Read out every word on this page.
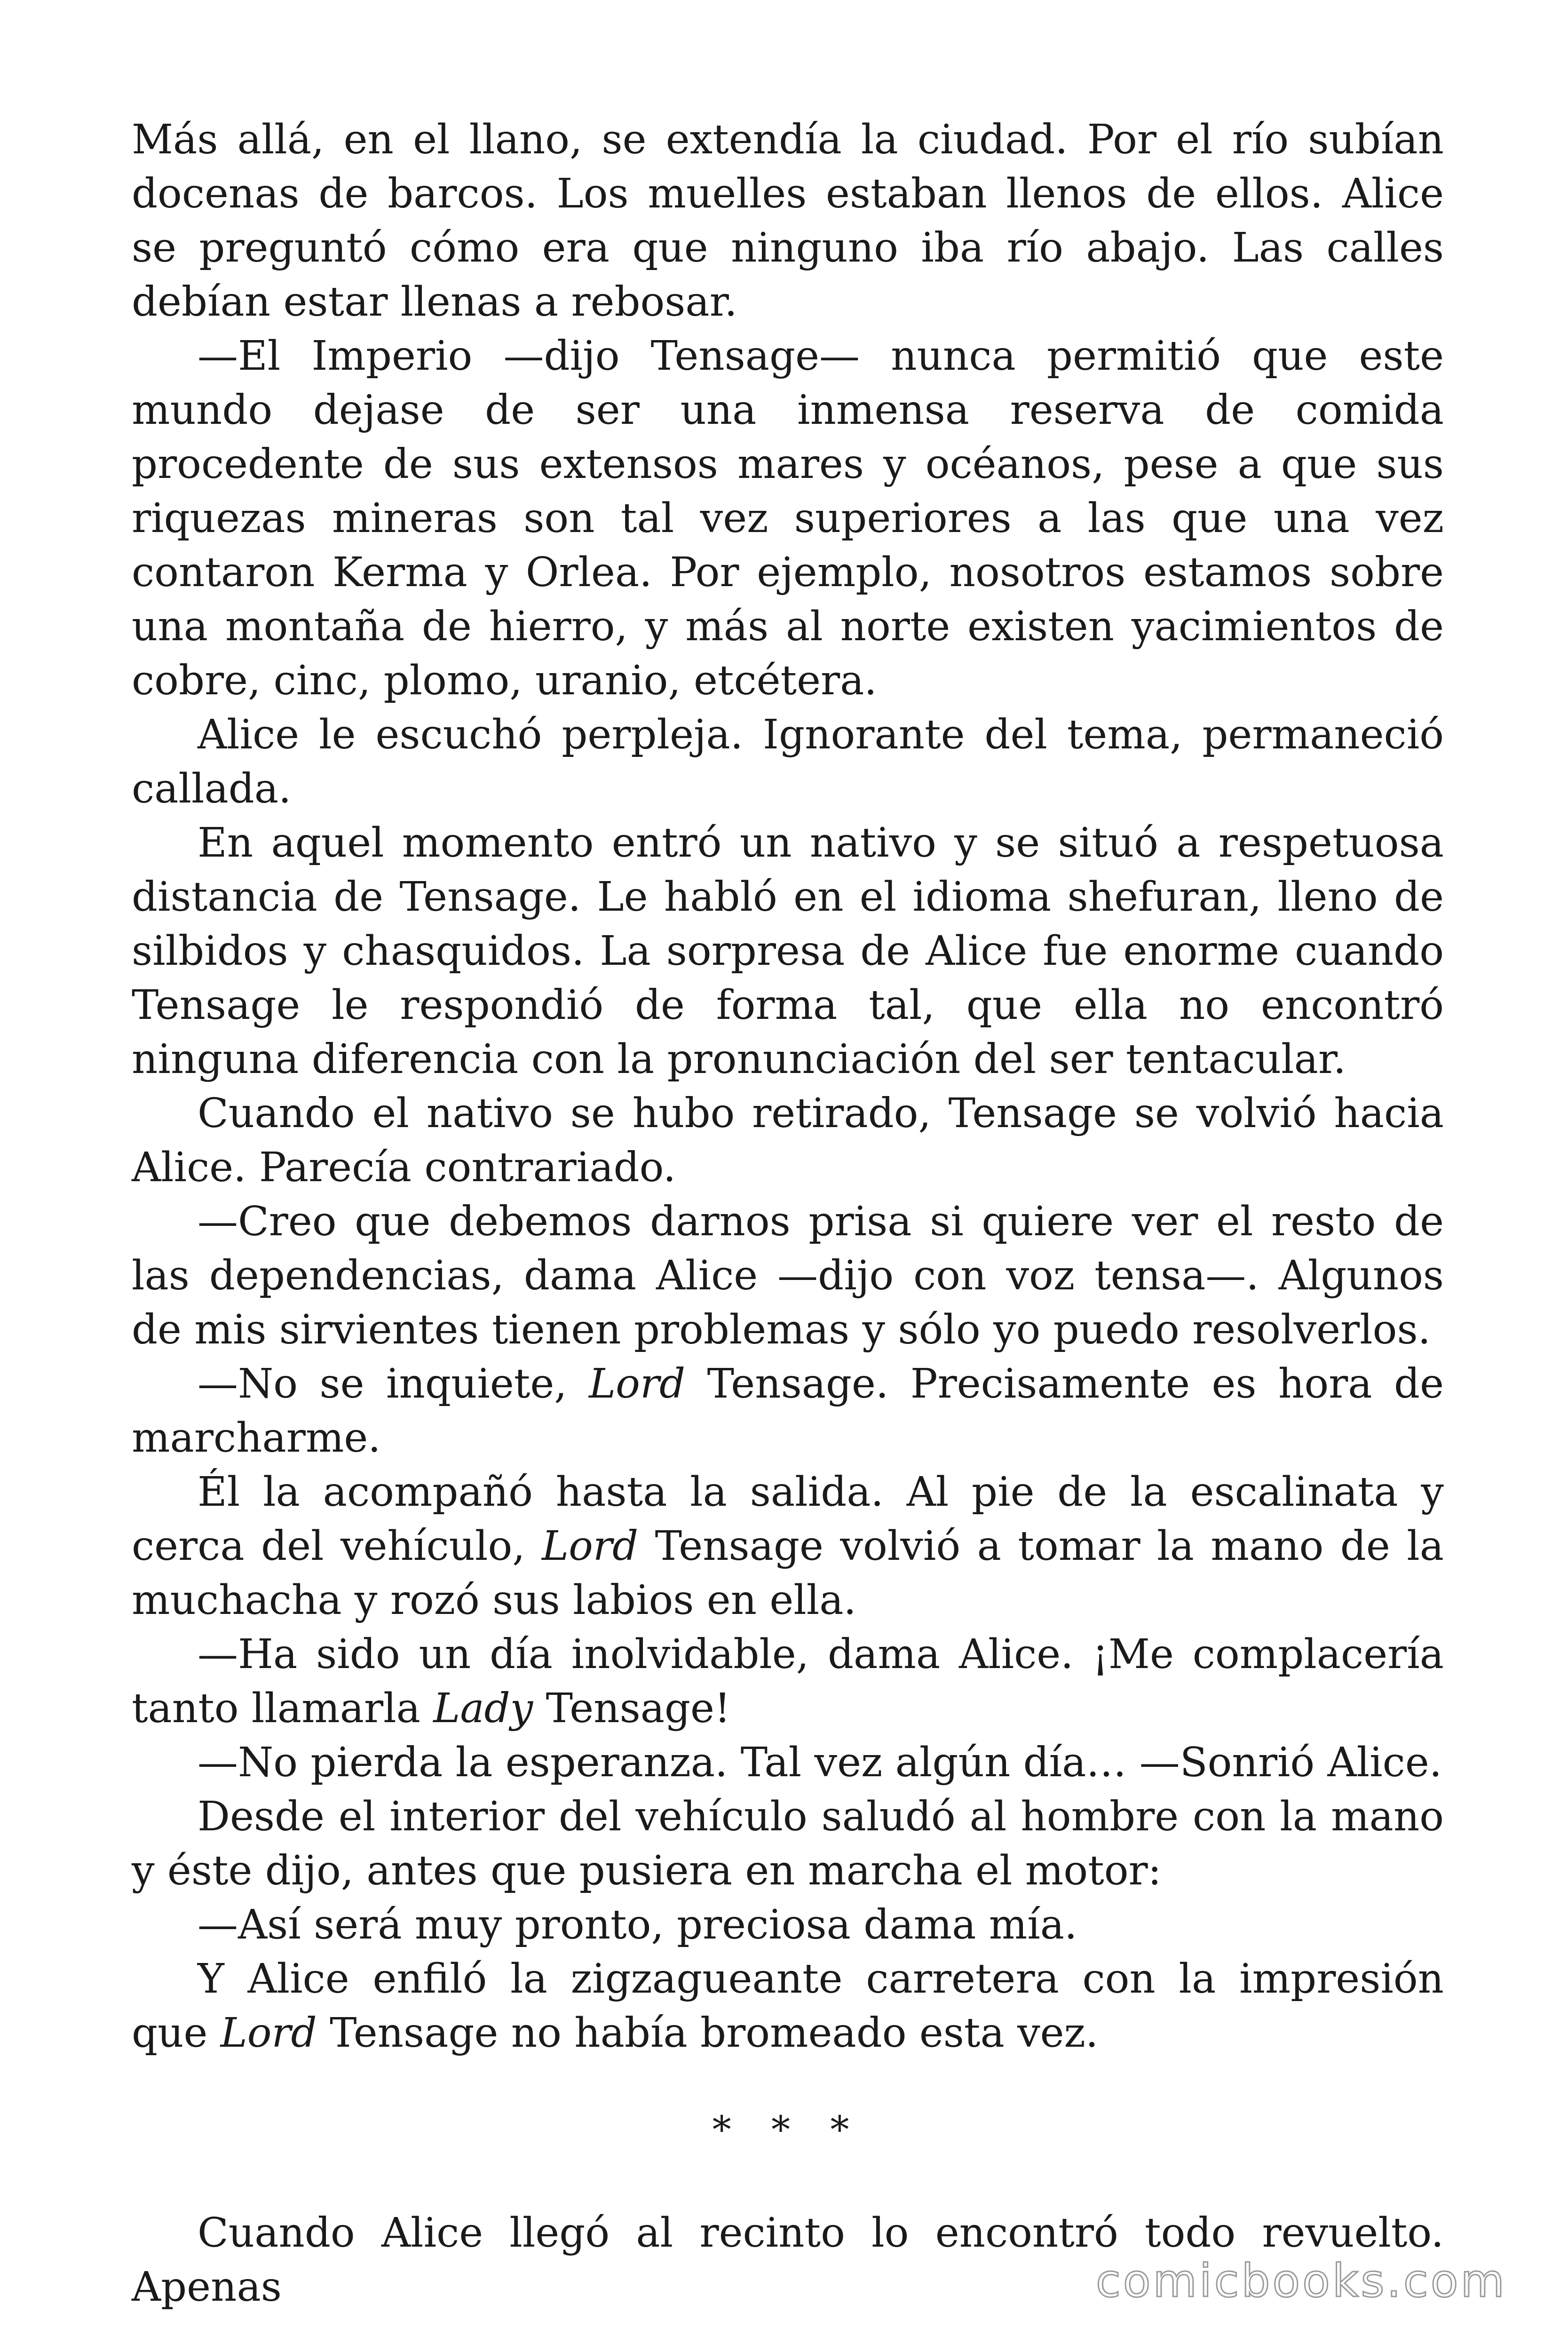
Más allá, en el llano, se extendía la ciudad. Por el río subían docenas de barcos. Los muelles estaban llenos de ellos. Alice se preguntó cómo era que ninguno iba río abajo. Las calles debían estar llenas a rebosar.

—El Imperio —dijo Tensage— nunca permitió que este mundo dejase de ser una inmensa reserva de comida procedente de sus extensos mares y océanos, pese a que sus riquezas mineras son tal vez superiores a las que una vez contaron Kerma y Orlea. Por ejemplo, nosotros estamos sobre una montaña de hierro, y más al norte existen yacimientos de cobre, cinc, plomo, uranio, etcétera.

Alice le escuchó perpleja. Ignorante del tema, permaneció callada.

En aquel momento entró un nativo y se situó a respetuosa distancia de Tensage. Le habló en el idioma shefuran, lleno de silbidos y chasquidos. La sorpresa de Alice fue enorme cuando Tensage le respondió de forma tal, que ella no encontró ninguna diferencia con la pronunciación del ser tentacular.

Cuando el nativo se hubo retirado, Tensage se volvió hacia Alice. Parecía contrariado.

—Creo que debemos darnos prisa si quiere ver el resto de las dependencias, dama Alice —dijo con voz tensa—. Algunos de mis sirvientes tienen problemas y sólo yo puedo resolverlos.

—No se inquiete, Lord Tensage. Precisamente es hora de marcharme.

Él la acompañó hasta la salida. Al pie de la escalinata y cerca del vehículo, Lord Tensage volvió a tomar la mano de la muchacha y rozó sus labios en ella.

—Ha sido un día inolvidable, dama Alice. ¡Me complacería tanto llamarla Lady Tensage!

—No pierda la esperanza. Tal vez algún día… —Sonrió Alice.

Desde el interior del vehículo saludó al hombre con la mano y éste dijo, antes que pusiera en marcha el motor:

—Así será muy pronto, preciosa dama mía.

Y Alice enfiló la zigzagueante carretera con la impresión que Lord Tensage no había bromeado esta vez.

* * *

Cuando Alice llegó al recinto lo encontró todo revuelto. Apenas	comicbooks.com
